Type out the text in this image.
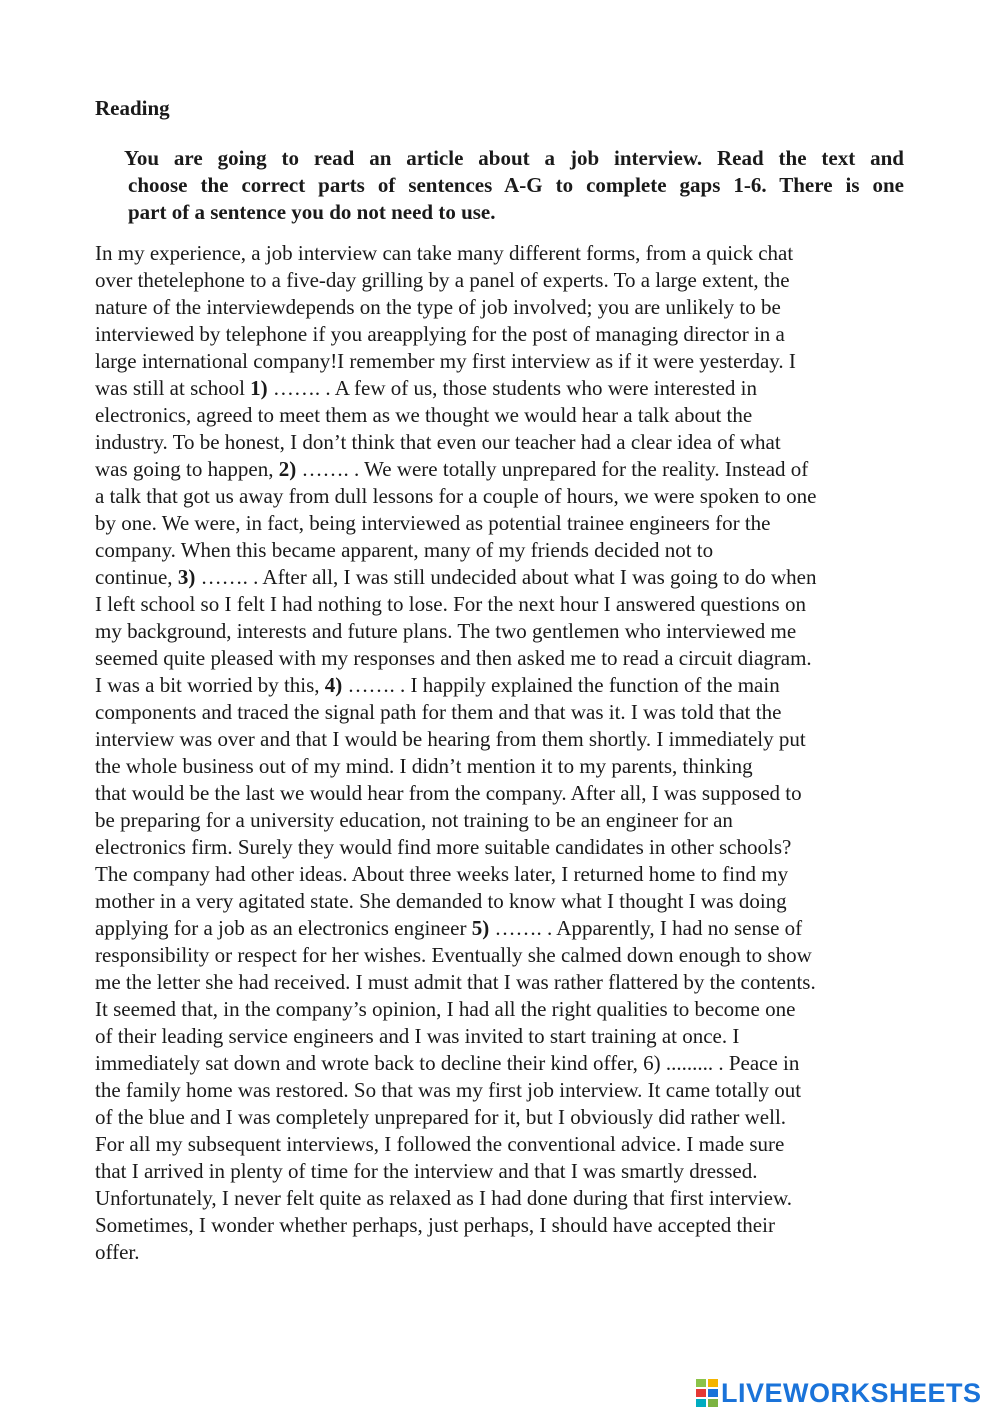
Reading
You are going to read an article about a job interview. Read the text and
choose the correct parts of sentences A-G to complete gaps 1-6. There is one
part of a sentence you do not need to use.
In my experience, a job interview can take many different forms, from a quick chat
over thetelephone to a five-day grilling by a panel of experts. To a large extent, the
nature of the interviewdepends on the type of job involved; you are unlikely to be
interviewed by telephone if you areapplying for the post of managing director in a
large international company!I remember my first interview as if it were yesterday. I
was still at school 1) ……. . A few of us, those students who were interested in
electronics, agreed to meet them as we thought we would hear a talk about the
industry. To be honest, I don’t think that even our teacher had a clear idea of what
was going to happen, 2) ……. . We were totally unprepared for the reality. Instead of
a talk that got us away from dull lessons for a couple of hours, we were spoken to one
by one. We were, in fact, being interviewed as potential trainee engineers for the
company. When this became apparent, many of my friends decided not to
continue, 3) ……. . After all, I was still undecided about what I was going to do when
I left school so I felt I had nothing to lose. For the next hour I answered questions on
my background, interests and future plans. The two gentlemen who interviewed me
seemed quite pleased with my responses and then asked me to read a circuit diagram.
I was a bit worried by this, 4) ……. . I happily explained the function of the main
components and traced the signal path for them and that was it. I was told that the
interview was over and that I would be hearing from them shortly. I immediately put
the whole business out of my mind. I didn’t mention it to my parents, thinking
that would be the last we would hear from the company. After all, I was supposed to
be preparing for a university education, not training to be an engineer for an
electronics firm. Surely they would find more suitable candidates in other schools?
The company had other ideas. About three weeks later, I returned home to find my
mother in a very agitated state. She demanded to know what I thought I was doing
applying for a job as an electronics engineer 5) ……. . Apparently, I had no sense of
responsibility or respect for her wishes. Eventually she calmed down enough to show
me the letter she had received. I must admit that I was rather flattered by the contents.
It seemed that, in the company’s opinion, I had all the right qualities to become one
of their leading service engineers and I was invited to start training at once. I
immediately sat down and wrote back to decline their kind offer, 6) ......... . Peace in
the family home was restored. So that was my first job interview. It came totally out
of the blue and I was completely unprepared for it, but I obviously did rather well.
For all my subsequent interviews, I followed the conventional advice. I made sure
that I arrived in plenty of time for the interview and that I was smartly dressed.
Unfortunately, I never felt quite as relaxed as I had done during that first interview.
Sometimes, I wonder whether perhaps, just perhaps, I should have accepted their
offer.
LIVEWORKSHEETS
